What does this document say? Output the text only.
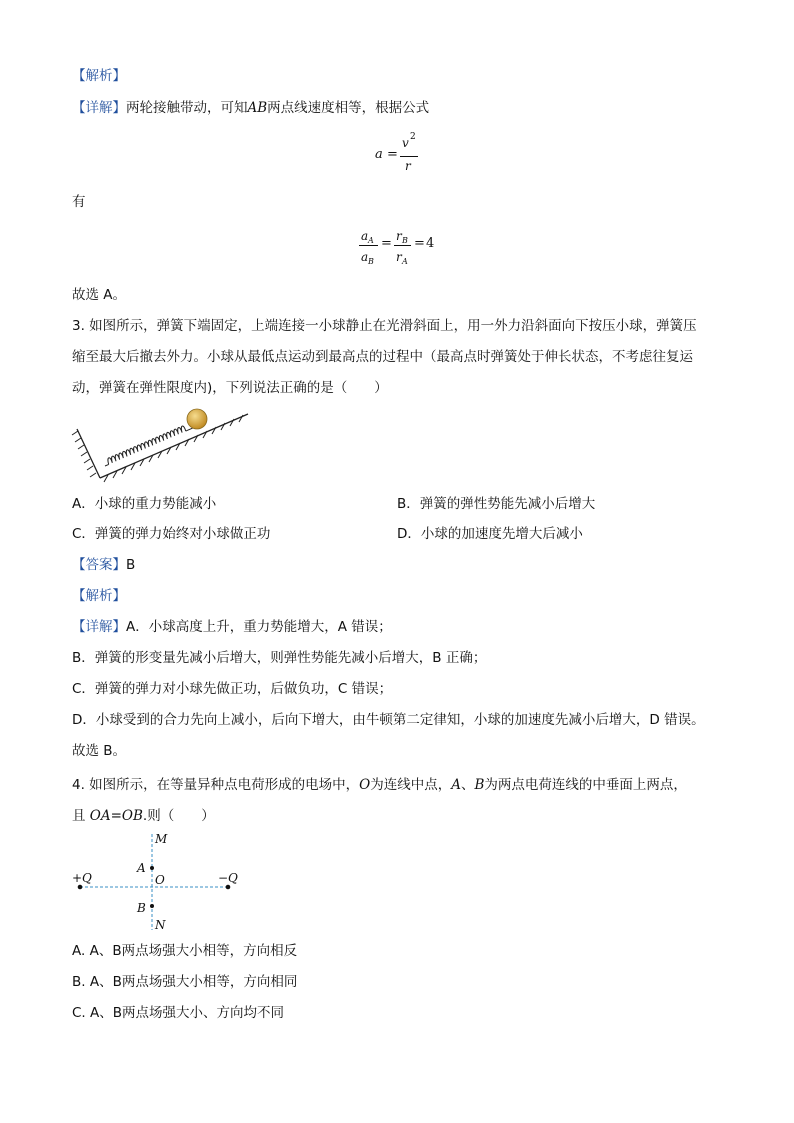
【解析】
【详解】两轮接触带动，可知AB两点线速度相等，根据公式
a =
v 2
r
有
a A
a B
= r B
r A
= 4
故选 A。
3. 如图所示，弹簧下端固定，上端连接一小球静止在光滑斜面上，用一外力沿斜面向下按压小球，弹簧压
缩至最大后撤去外力。小球从最低点运动到最高点的过程中（最高点时弹簧处于伸长状态，不考虑往复运
动，弹簧在弹性限度内)，下列说法正确的是（　　）
A．小球的重力势能减小	B．弹簧的弹性势能先减小后增大
C．弹簧的弹力始终对小球做正功	D．小球的加速度先增大后减小
【答案】B
【解析】
【详解】A．小球高度上升，重力势能增大，A 错误；
B．弹簧的形变量先减小后增大，则弹性势能先减小后增大，B 正确；
C．弹簧的弹力对小球先做正功，后做负功，C 错误；
D．小球受到的合力先向上减小，后向下增大，由牛顿第二定律知，小球的加速度先减小后增大，D 错误。
故选 B。
4. 如图所示，在等量异种点电荷形成的电场中，O为连线中点，A、B为两点电荷连线的中垂面上两点，
且 OA=OB.则（　　）
M
A
O
B
N
+Q	−Q
A. A、B两点场强大小相等，方向相反
B. A、B两点场强大小相等，方向相同
C. A、B两点场强大小、方向均不同
